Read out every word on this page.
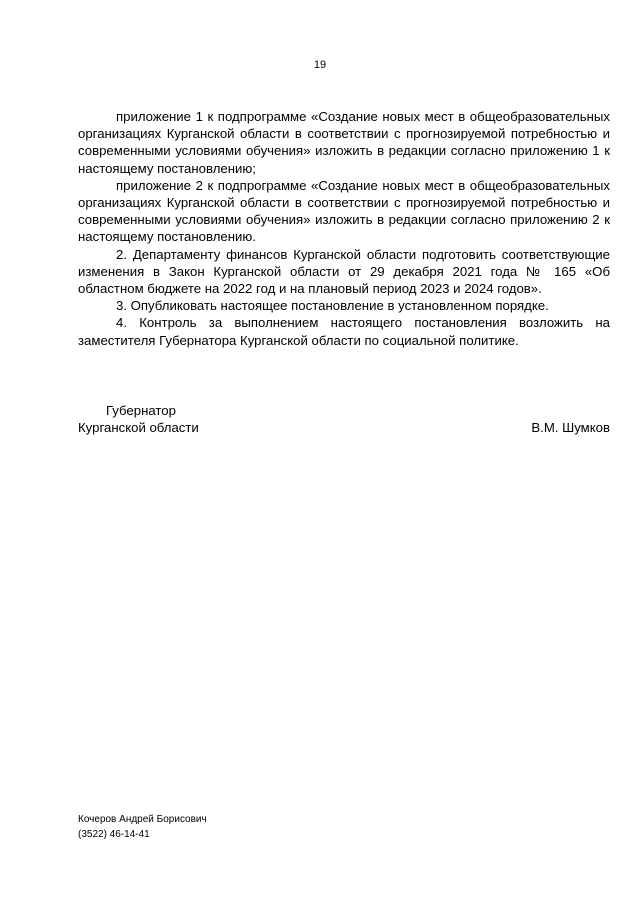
19

приложение 1 к подпрограмме «Создание новых мест в общеобразовательных организациях Курганской области в соответствии с прогнозируемой потребностью и современными условиями обучения» изложить в редакции согласно приложению 1 к настоящему постановлению;

приложение 2 к подпрограмме «Создание новых мест в общеобразовательных организациях Курганской области в соответствии с прогнозируемой потребностью и современными условиями обучения» изложить в редакции согласно приложению 2 к настоящему постановлению.

2. Департаменту финансов Курганской области подготовить соответствующие изменения в Закон Курганской области от 29 декабря 2021 года № 165 «Об областном бюджете на 2022 год и на плановый период 2023 и 2024 годов».

3. Опубликовать настоящее постановление в установленном порядке.

4. Контроль за выполнением настоящего постановления возложить на заместителя Губернатора Курганской области по социальной политике.

Губернатор
Курганской области	В.М. Шумков
Кочеров Андрей Борисович
(3522) 46-14-41
